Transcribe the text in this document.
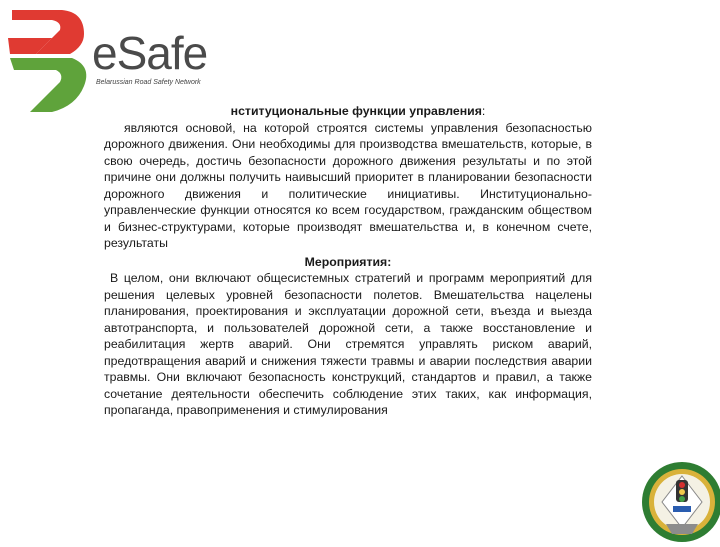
eSafe
Belarussian Road Safety Network
нституциональные функции управления:
являются основой, на которой строятся системы управления безопасностью дорожного движения. Они необходимы для производства вмешательств, которые, в свою очередь, достичь безопасности дорожного движения результаты и по этой причине они должны получить наивысший приоритет в планировании безопасности дорожного движения и политические инициативы. Институционально-управленческие функции относятся ко всем государством, гражданским обществом и бизнес-структурами, которые производят вмешательства и, в конечном счете, результаты
Мероприятия:
В целом, они включают общесистемных стратегий и программ мероприятий для решения целевых уровней безопасности полетов. Вмешательства нацелены планирования, проектирования и эксплуатации дорожной сети, въезда и выезда автотранспорта, и пользователей дорожной сети, а также восстановление и реабилитация жертв аварий. Они стремятся управлять риском аварий, предотвращения аварий и снижения тяжести травмы и аварии последствия аварии травмы. Они включают безопасность конструкций, стандартов и правил, а также сочетание деятельности обеспечить соблюдение этих таких, как информация, пропаганда, правоприменения и стимулирования
